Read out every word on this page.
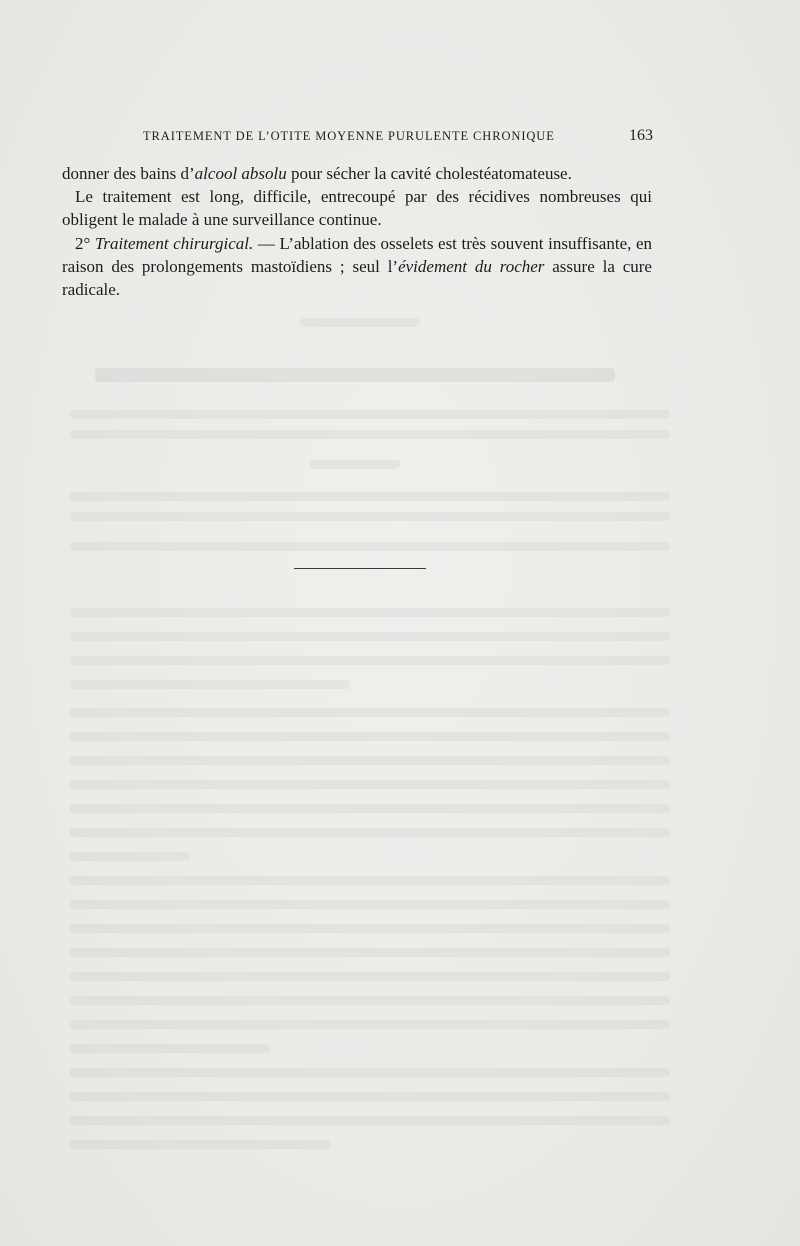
TRAITEMENT DE L’OTITE MOYENNE PURULENTE CHRONIQUE	163

donner des bains d’alcool absolu pour sécher la cavité cholestéatomateuse.

Le traitement est long, difficile, entrecoupé par des récidives nombreuses qui obligent le malade à une surveillance continue.

2° Traitement chirurgical. — L’ablation des osselets est très souvent insuffisante, en raison des prolongements mastoïdiens ; seul l’évidement du rocher assure la cure radicale.
